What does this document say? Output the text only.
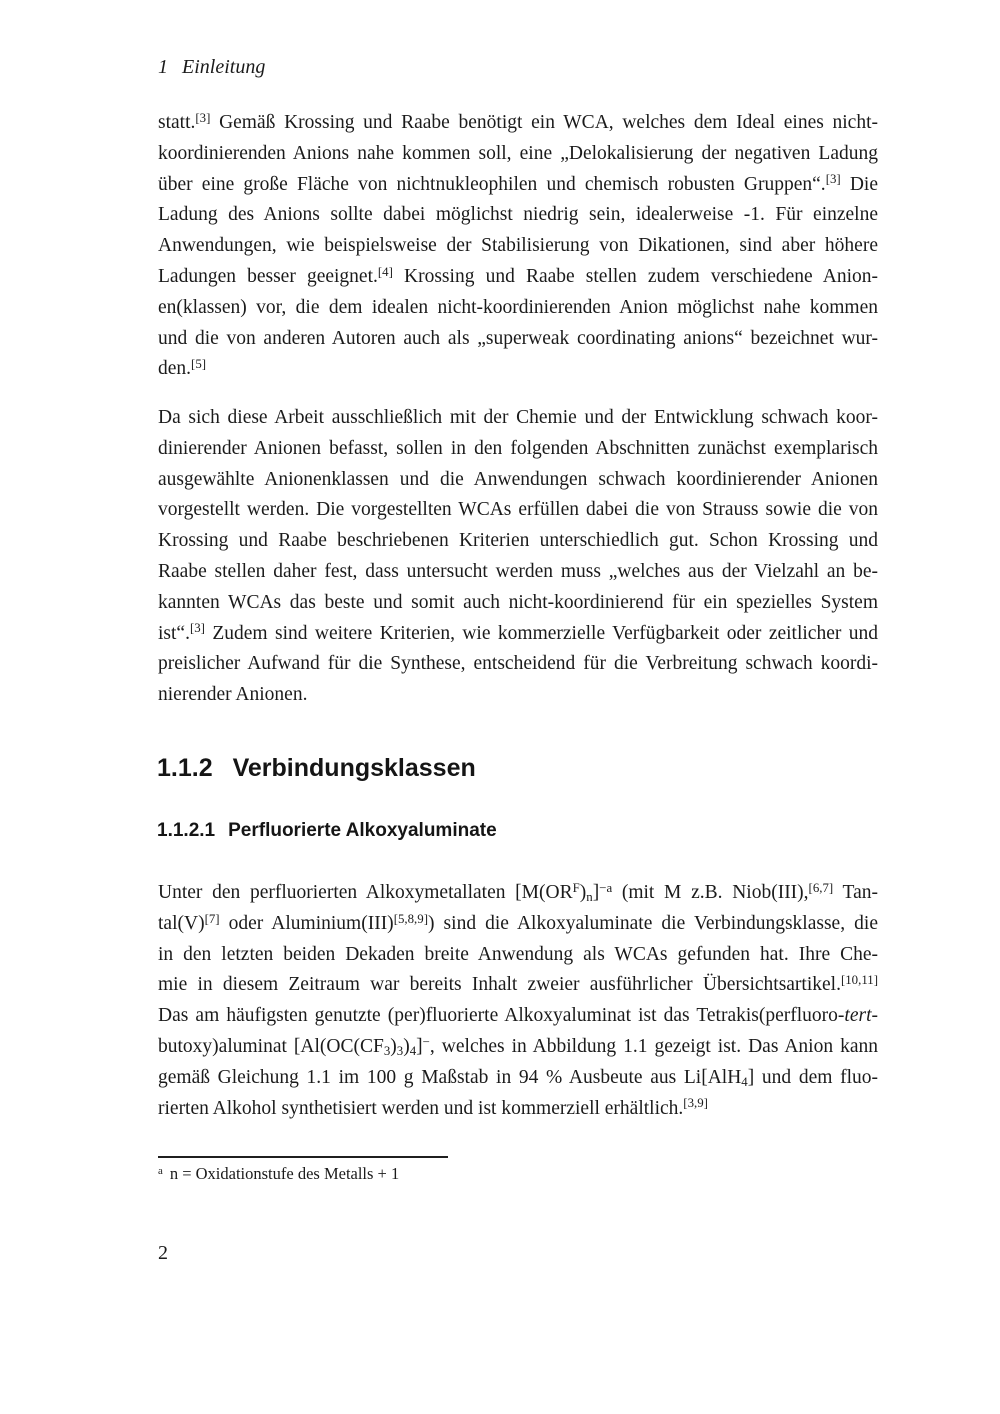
1 Einleitung
statt.[3] Gemäß Krossing und Raabe benötigt ein WCA, welches dem Ideal eines nicht-
koordinierenden Anions nahe kommen soll, eine „Delokalisierung der negativen Ladung
über eine große Fläche von nichtnukleophilen und chemisch robusten Gruppen“.[3] Die
Ladung des Anions sollte dabei möglichst niedrig sein, idealerweise -1. Für einzelne
Anwendungen, wie beispielsweise der Stabilisierung von Dikationen, sind aber höhere
Ladungen besser geeignet.[4] Krossing und Raabe stellen zudem verschiedene Anion-
en(klassen) vor, die dem idealen nicht-koordinierenden Anion möglichst nahe kommen
und die von anderen Autoren auch als „superweak coordinating anions“ bezeichnet wur-
den.[5]
Da sich diese Arbeit ausschließlich mit der Chemie und der Entwicklung schwach koor-
dinierender Anionen befasst, sollen in den folgenden Abschnitten zunächst exemplarisch
ausgewählte Anionenklassen und die Anwendungen schwach koordinierender Anionen
vorgestellt werden. Die vorgestellten WCAs erfüllen dabei die von Strauss sowie die von
Krossing und Raabe beschriebenen Kriterien unterschiedlich gut. Schon Krossing und
Raabe stellen daher fest, dass untersucht werden muss „welches aus der Vielzahl an be-
kannten WCAs das beste und somit auch nicht-koordinierend für ein spezielles System
ist“.[3] Zudem sind weitere Kriterien, wie kommerzielle Verfügbarkeit oder zeitlicher und
preislicher Aufwand für die Synthese, entscheidend für die Verbreitung schwach koordi-
nierender Anionen.
1.1.2 Verbindungsklassen
1.1.2.1 Perfluorierte Alkoxyaluminate
Unter den perfluorierten Alkoxymetallaten $[M(OR^F)_n]^{-a}$ (mit M z.B. Niob(III),[6,7] Tan-
tal(V)[7] oder Aluminium(III)[5,8,9]) sind die Alkoxyaluminate die Verbindungsklasse, die
in den letzten beiden Dekaden breite Anwendung als WCAs gefunden hat. Ihre Che-
mie in diesem Zeitraum war bereits Inhalt zweier ausführlicher Übersichtsartikel.[10,11]
Das am häufigsten genutzte (per)fluorierte Alkoxyaluminat ist das Tetrakis(perfluoro-tert-
butoxy)aluminat $[Al(OC(CF_3)_3)_4]^-$, welches in Abbildung 1.1 gezeigt ist. Das Anion kann
gemäß Gleichung 1.1 im 100 g Maßstab in 94 % Ausbeute aus Li[AlH$_4$] und dem fluo-
rierten Alkohol synthetisiert werden und ist kommerziell erhältlich.[3,9]
$^a$ n = Oxidationstufe des Metalls + 1
2
